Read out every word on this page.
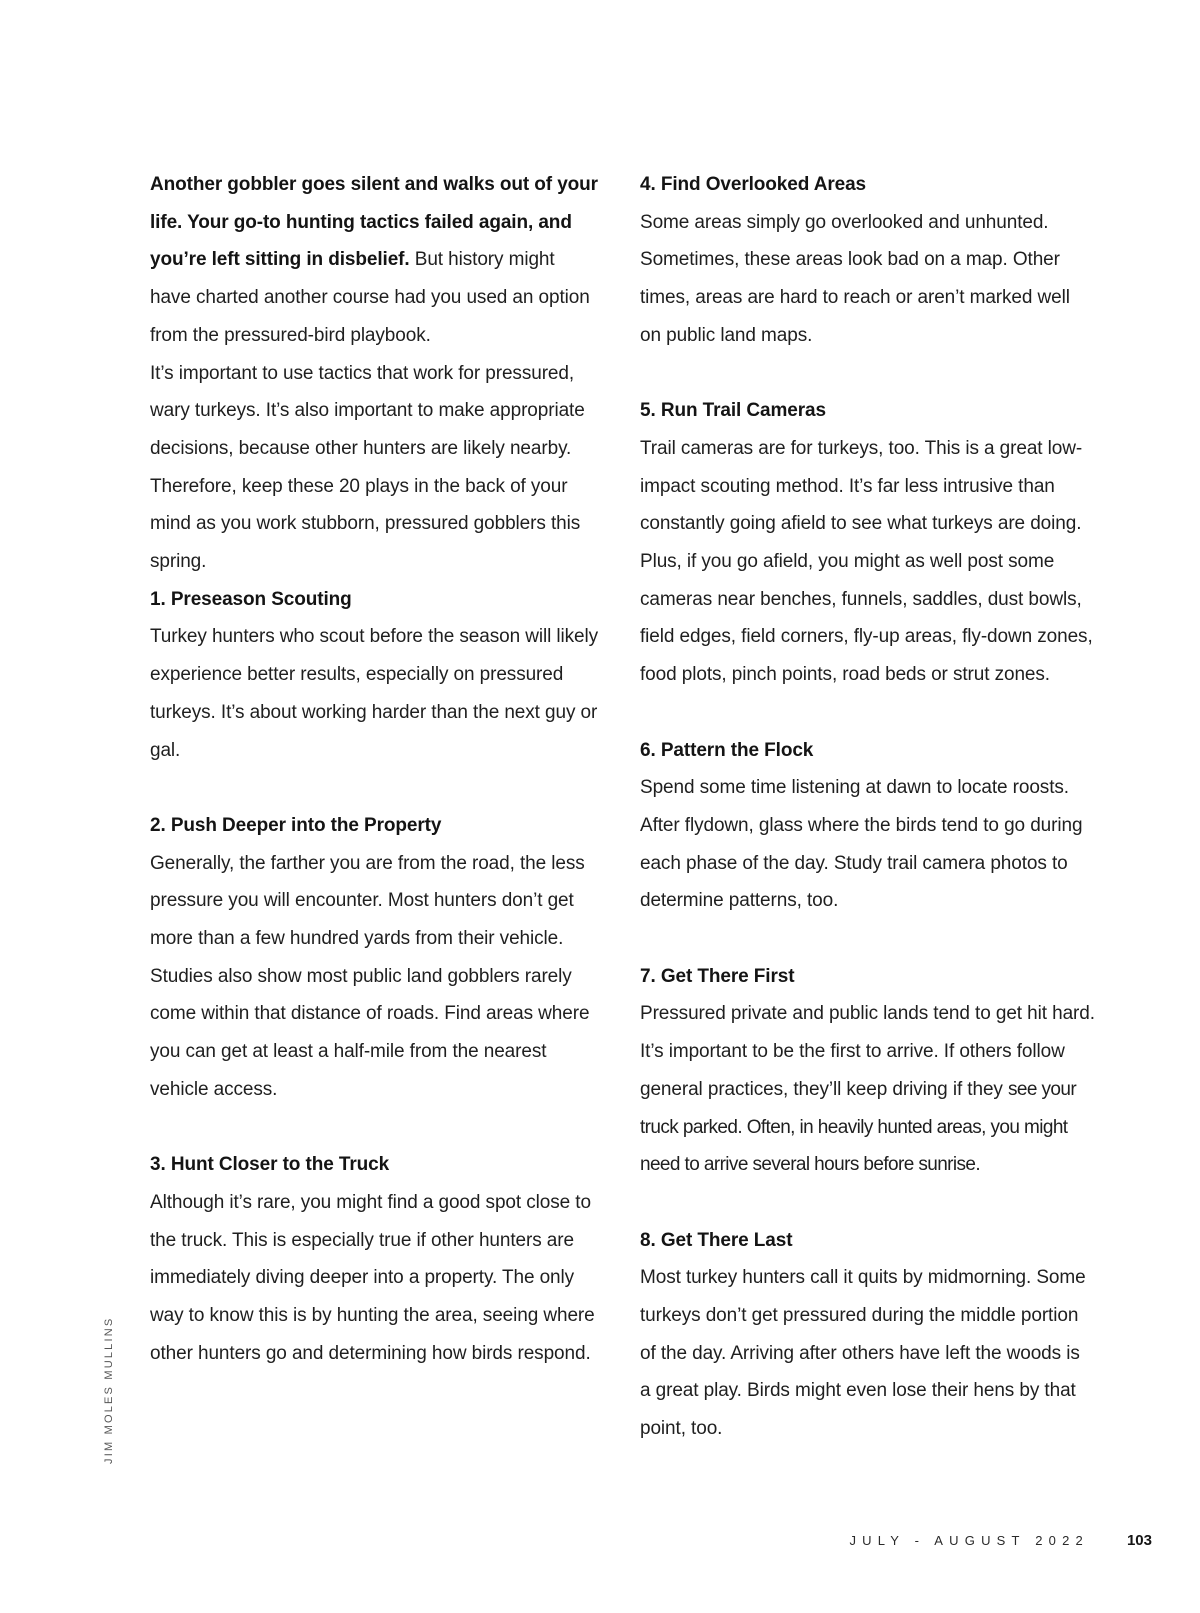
Another gobbler goes silent and walks out of your life. Your go-to hunting tactics failed again, and you’re left sitting in disbelief. But history might have charted another course had you used an option from the pressured-bird playbook.

It’s important to use tactics that work for pressured, wary turkeys. It’s also important to make appropriate decisions, because other hunters are likely nearby. Therefore, keep these 20 plays in the back of your mind as you work stubborn, pressured gobblers this spring.

1. Preseason Scouting

Turkey hunters who scout before the season will likely experience better results, especially on pressured turkeys. It’s about working harder than the next guy or gal.

2. Push Deeper into the Property

Generally, the farther you are from the road, the less pressure you will encounter. Most hunters don’t get more than a few hundred yards from their vehicle. Studies also show most public land gobblers rarely come within that distance of roads. Find areas where you can get at least a half-mile from the nearest vehicle access.

3. Hunt Closer to the Truck

Although it’s rare, you might find a good spot close to the truck. This is especially true if other hunters are immediately diving deeper into a property. The only way to know this is by hunting the area, seeing where other hunters go and determining how birds respond.

4. Find Overlooked Areas

Some areas simply go overlooked and unhunted. Sometimes, these areas look bad on a map. Other times, areas are hard to reach or aren’t marked well on public land maps.

5. Run Trail Cameras

Trail cameras are for turkeys, too. This is a great low-impact scouting method. It’s far less intrusive than constantly going afield to see what turkeys are doing. Plus, if you go afield, you might as well post some cameras near benches, funnels, saddles, dust bowls, field edges, field corners, fly-up areas, fly-down zones, food plots, pinch points, road beds or strut zones.

6. Pattern the Flock

Spend some time listening at dawn to locate roosts. After flydown, glass where the birds tend to go during each phase of the day. Study trail camera photos to determine patterns, too.

7. Get There First

Pressured private and public lands tend to get hit hard. It’s important to be the first to arrive. If others follow general practices, they’ll keep driving if they see your truck parked. Often, in heavily hunted areas, you might need to arrive several hours before sunrise.

8. Get There Last

Most turkey hunters call it quits by midmorning. Some turkeys don’t get pressured during the middle portion of the day. Arriving after others have left the woods is a great play. Birds might even lose their hens by that point, too.

JIM MOLES MULLINS
JULY - AUGUST 2022	103
